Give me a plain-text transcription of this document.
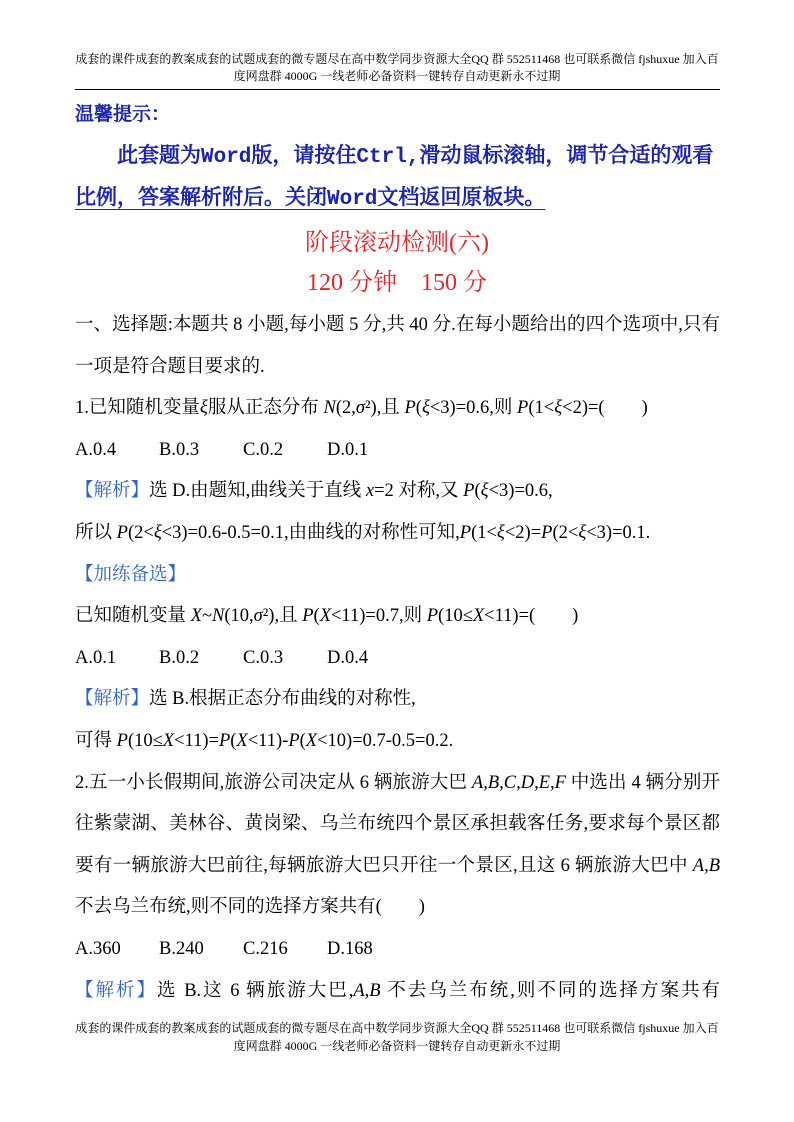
成套的课件成套的教案成套的试题成套的微专题尽在高中数学同步资源大全QQ 群 552511468 也可联系微信 fjshuxue 加入百
度网盘群 4000G 一线老师必备资料一键转存自动更新永不过期
温馨提示：
此套题为Word版，请按住Ctrl,滑动鼠标滚轴，调节合适的观看
比例，答案解析附后。关闭Word文档返回原板块。
阶段滚动检测(六)
120 分钟    150 分
一、选择题:本题共 8 小题,每小题 5 分,共 40 分.在每小题给出的四个选项中,只有
一项是符合题目要求的.
1.已知随机变量ξ服从正态分布 N(2,σ²),且 P(ξ<3)=0.6,则 P(1<ξ<2)=(        )
A.0.4 B.0.3 C.0.2 D.0.1
【解析】选 D.由题知,曲线关于直线 x=2 对称,又 P(ξ<3)=0.6,
所以 P(2<ξ<3)=0.6-0.5=0.1,由曲线的对称性可知,P(1<ξ<2)=P(2<ξ<3)=0.1.
【加练备选】
已知随机变量 X~N(10,σ²),且 P(X<11)=0.7,则 P(10≤X<11)=(        )
A.0.1 B.0.2 C.0.3 D.0.4
【解析】选 B.根据正态分布曲线的对称性,
可得 P(10≤X<11)=P(X<11)-P(X<10)=0.7-0.5=0.2.
2.五一小长假期间,旅游公司决定从 6 辆旅游大巴 A,B,C,D,E,F 中选出 4 辆分别开
往紫蒙湖、美林谷、黄岗梁、乌兰布统四个景区承担载客任务,要求每个景区都
要有一辆旅游大巴前往,每辆旅游大巴只开往一个景区,且这 6 辆旅游大巴中 A,B
不去乌兰布统,则不同的选择方案共有(        )
A.360 B.240 C.216 D.168
【解析】选 B.这 6 辆旅游大巴,A,B 不去乌兰布统,则不同的选择方案共有
成套的课件成套的教案成套的试题成套的微专题尽在高中数学同步资源大全QQ 群 552511468 也可联系微信 fjshuxue 加入百
度网盘群 4000G 一线老师必备资料一键转存自动更新永不过期
